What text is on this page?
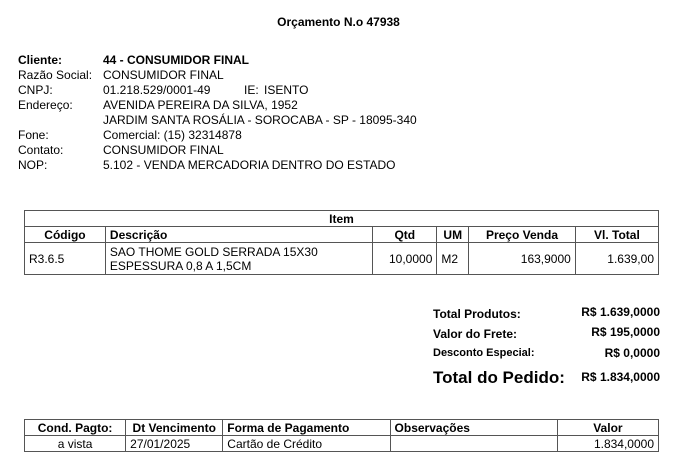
Orçamento N.o 47938
Cliente:	44 - CONSUMIDOR FINAL
Razão Social: CONSUMIDOR FINAL
CNPJ:	01.218.529/0001-49	IE: ISENTO
Endereço:	AVENIDA PEREIRA DA SILVA, 1952
JARDIM SANTA ROSÁLIA - SOROCABA - SP - 18095-340
Fone:	Comercial: (15) 32314878
Contato:	CONSUMIDOR FINAL
NOP:	5.102 - VENDA MERCADORIA DENTRO DO ESTADO
Item					
Código	Descrição	Qtd	UM	Preço Venda	Vl. Total
R3.6.5	SAO THOME GOLD SERRADA 15X30
ESPESSURA 0,8 A 1,5CM	10,0000	M2	163,9000	1.639,00
Total Produtos:	R$ 1.639,0000
Valor do Frete:	R$ 195,0000
Desconto Especial:	R$ 0,0000
Total do Pedido: R$ 1.834,0000
Cond. Pagto:	Dt Vencimento	Forma de Pagamento	Observações	Valor
a vista	27/01/2025	Cartão de Crédito		1.834,0000
